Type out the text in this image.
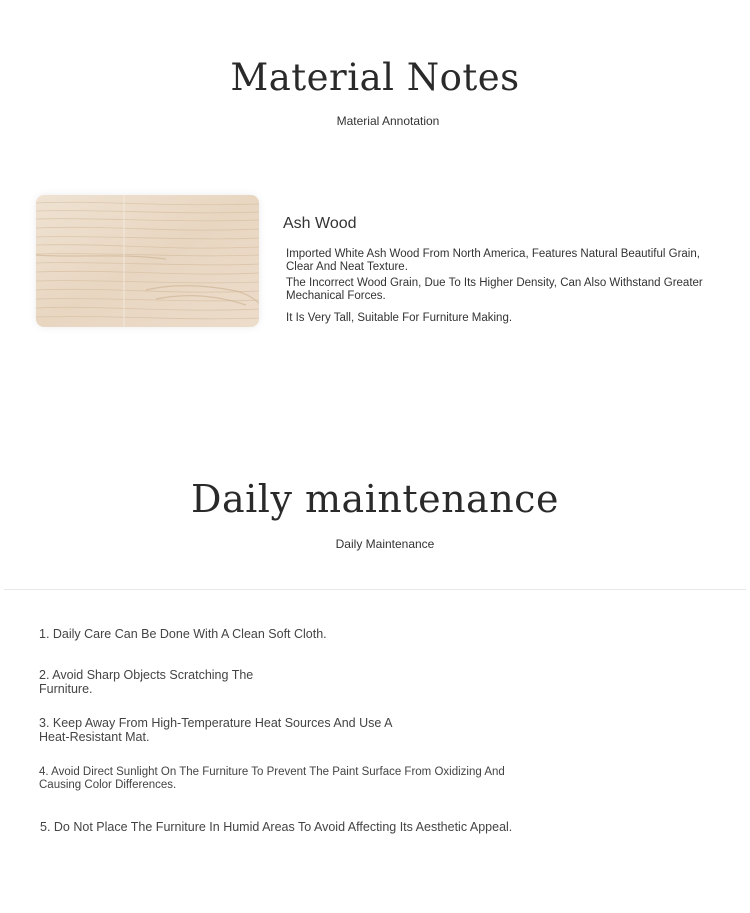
Material Notes
Material Annotation
Ash Wood

Imported White Ash Wood From North America, Features Natural Beautiful Grain, Clear And Neat Texture.

The Incorrect Wood Grain, Due To Its Higher Density, Can Also Withstand Greater Mechanical Forces.

It Is Very Tall, Suitable For Furniture Making.

Daily maintenance
Daily Maintenance
1. Daily Care Can Be Done With A Clean Soft Cloth.
2. Avoid Sharp Objects Scratching The Furniture.
3. Keep Away From High-Temperature Heat Sources And Use A Heat-Resistant Mat.
4. Avoid Direct Sunlight On The Furniture To Prevent The Paint Surface From Oxidizing And Causing Color Differences.
5. Do Not Place The Furniture In Humid Areas To Avoid Affecting Its Aesthetic Appeal.
